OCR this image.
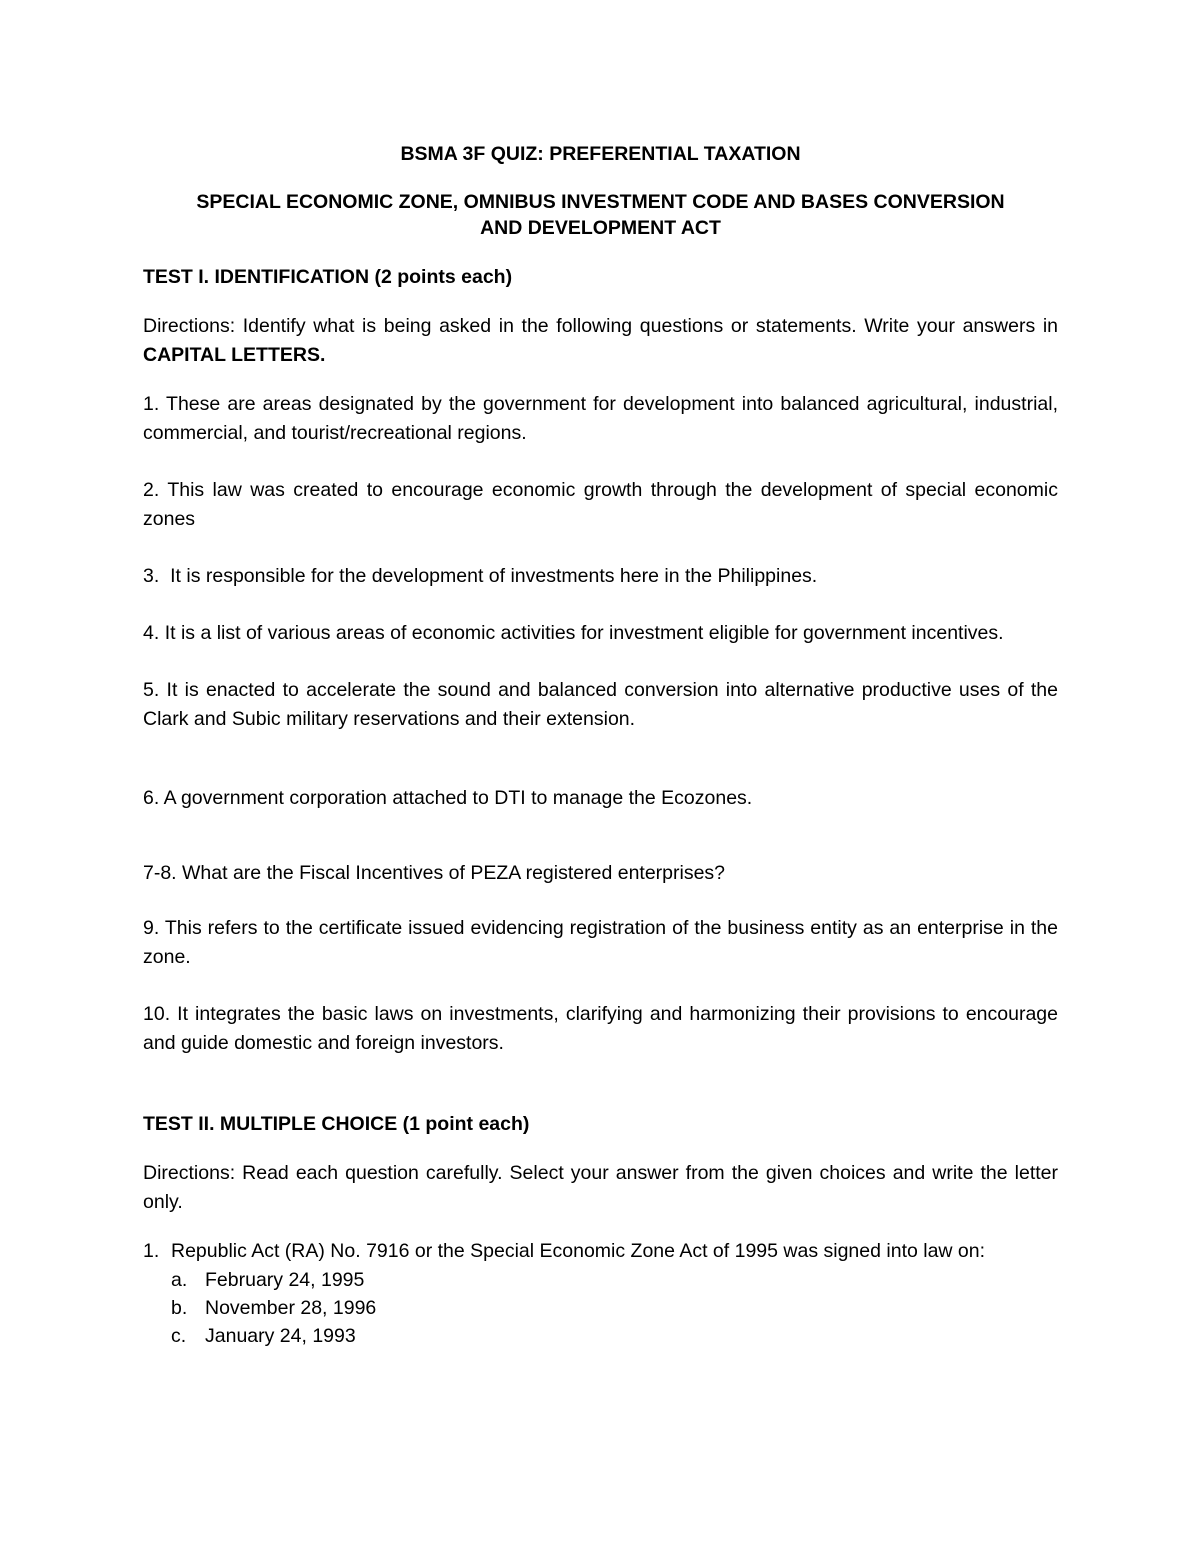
BSMA 3F QUIZ: PREFERENTIAL TAXATION

SPECIAL ECONOMIC ZONE, OMNIBUS INVESTMENT CODE AND BASES CONVERSION
AND DEVELOPMENT ACT

TEST I. IDENTIFICATION (2 points each)

Directions: Identify what is being asked in the following questions or statements. Write your answers in CAPITAL LETTERS.

1. These are areas designated by the government for development into balanced agricultural, industrial, commercial, and tourist/recreational regions.

2. This law was created to encourage economic growth through the development of special economic zones

3. It is responsible for the development of investments here in the Philippines.

4. It is a list of various areas of economic activities for investment eligible for government incentives.

5. It is enacted to accelerate the sound and balanced conversion into alternative productive uses of the Clark and Subic military reservations and their extension.

6. A government corporation attached to DTI to manage the Ecozones.

7-8. What are the Fiscal Incentives of PEZA registered enterprises?

9. This refers to the certificate issued evidencing registration of the business entity as an enterprise in the zone.

10. It integrates the basic laws on investments, clarifying and harmonizing their provisions to encourage and guide domestic and foreign investors.

TEST II. MULTIPLE CHOICE (1 point each)

Directions: Read each question carefully. Select your answer from the given choices and write the letter only.

1. Republic Act (RA) No. 7916 or the Special Economic Zone Act of 1995 was signed into law on:
a. February 24, 1995
b. November 28, 1996
c. January 24, 1993
